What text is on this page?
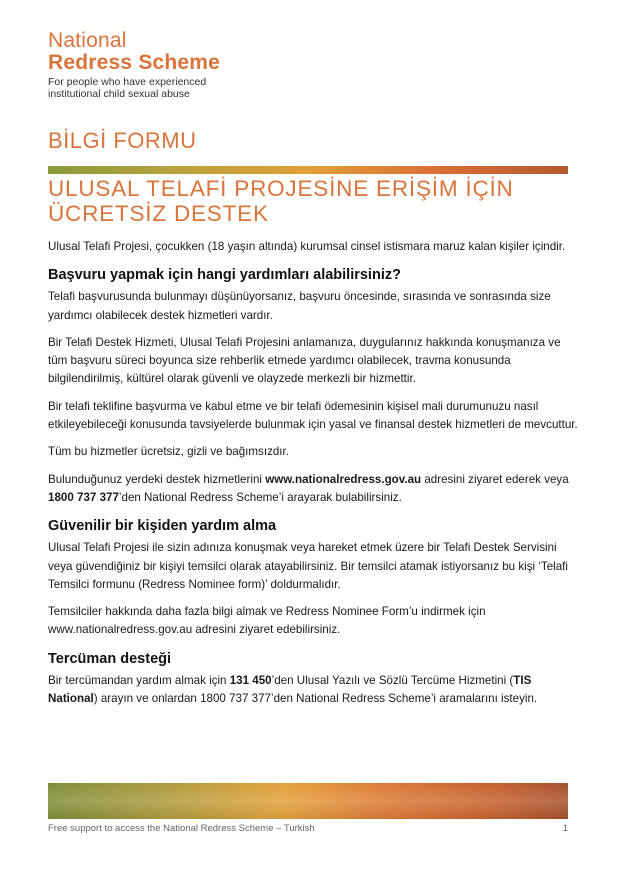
National
Redress Scheme
For people who have experienced
institutional child sexual abuse
BİLGİ FORMU
ULUSAL TELAFİ PROJESİNE ERİŞİM İÇİN
ÜCRETSİZ DESTEK

Ulusal Telafi Projesi, çocukken (18 yaşın altında) kurumsal cinsel istismara maruz kalan kişiler içindir.

Başvuru yapmak için hangi yardımları alabilirsiniz?

Telafi başvurusunda bulunmayı düşünüyorsanız, başvuru öncesinde, sırasında ve sonrasında size yardımcı olabilecek destek hizmetleri vardır.

Bir Telafi Destek Hizmeti, Ulusal Telafi Projesini anlamanıza, duygularınız hakkında konuşmanıza ve tüm başvuru süreci boyunca size rehberlik etmede yardımcı olabilecek, travma konusunda bilgilendirilmiş, kültürel olarak güvenli ve olayzede merkezli bir hizmettir.

Bir telafi teklifine başvurma ve kabul etme ve bir telafi ödemesinin kişisel mali durumunuzu nasıl etkileyebileceği konusunda tavsiyelerde bulunmak için yasal ve finansal destek hizmetleri de mevcuttur.

Tüm bu hizmetler ücretsiz, gizli ve bağımsızdır.

Bulunduğunuz yerdeki destek hizmetlerini www.nationalredress.gov.au adresini ziyaret ederek veya 1800 737 377’den National Redress Scheme’i arayarak bulabilirsiniz.

Güvenilir bir kişiden yardım alma

Ulusal Telafi Projesi ile sizin adınıza konuşmak veya hareket etmek üzere bir Telafi Destek Servisini veya güvendiğiniz bir kişiyi temsilci olarak atayabilirsiniz. Bir temsilci atamak istiyorsanız bu kişi ‘Telafi Temsilci formunu (Redress Nominee form)’ doldurmalıdır.

Temsilciler hakkında daha fazla bilgi almak ve Redress Nominee Form’u indirmek için www.nationalredress.gov.au adresini ziyaret edebilirsiniz.

Tercüman desteği

Bir tercümandan yardım almak için 131 450’den Ulusal Yazılı ve Sözlü Tercüme Hizmetini (TIS National) arayın ve onlardan 1800 737 377’den National Redress Scheme’i aramalarını isteyin.

Free support to access the National Redress Scheme – Turkish	1
